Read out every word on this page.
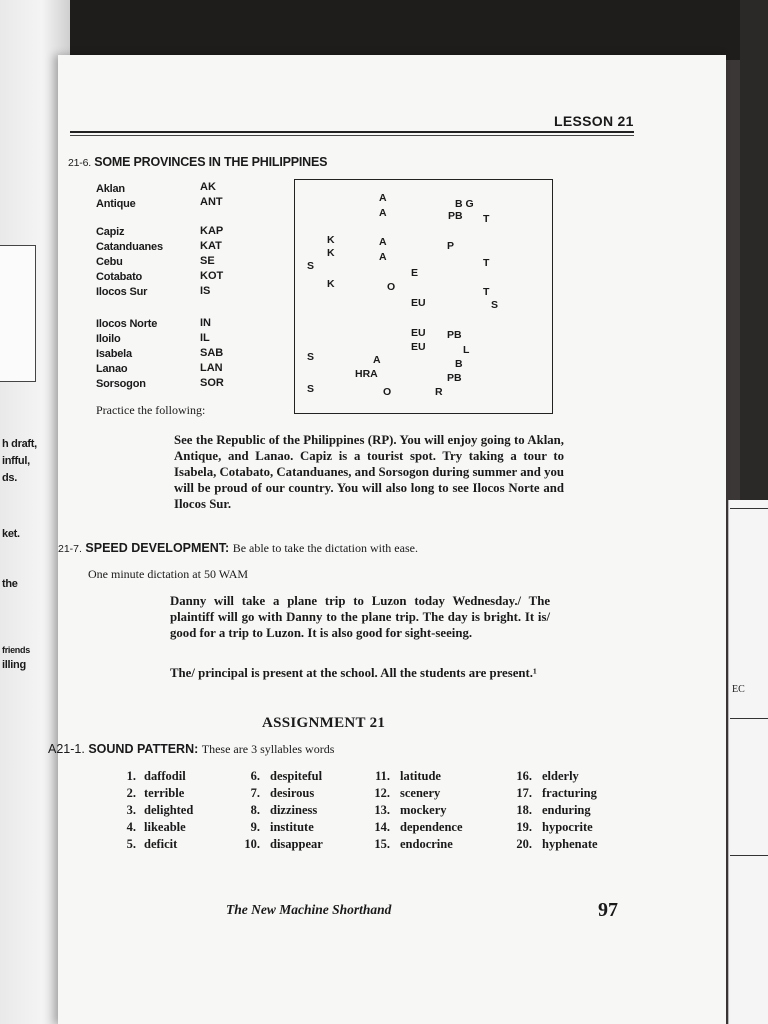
h draft,
infful,
ds.
ket.
the
friends
illing
EC
LESSON 21
21-6. SOME PROVINCES IN THE PHILIPPINES
Aklan	AK
Antique	ANT
Capiz	KAP
Catanduanes	KAT
Cebu	SE
Cotabato	KOT
Ilocos Sur	IS
Ilocos Norte	IN
Iloilo	IL
Isabela	SAB
Lanao	LAN
Sorsogon	SOR
A
A
B G
PB T
K
K
A
A
P
S
E
T
K	O	T
EU	S
EU PB
EU	L
S	A	B
HRA	PB
S	O	R
Practice the following:

See the Republic of the Philippines (RP). You will enjoy going to Aklan, Antique, and Lanao. Capiz is a tourist spot. Try taking a tour to Isabela, Cotabato, Catanduanes, and Sorsogon during summer and you will be proud of our country. You will also long to see Ilocos Norte and Ilocos Sur.

21-7. SPEED DEVELOPMENT: Be able to take the dictation with ease.
One minute dictation at 50 WAM

Danny will take a plane trip to Luzon today Wednesday./ The plaintiff will go with Danny to the plane trip. The day is bright. It is/ good for a trip to Luzon. It is also good for sight-seeing.

The/ principal is present at the school. All the students are present.¹

ASSIGNMENT 21
A21-1. SOUND PATTERN: These are 3 syllables words
1. daffodil
2. terrible
3. delighted
4. likeable
5. deficit
6. despiteful
7. desirous
8. dizziness
9. institute
10. disappear
11. latitude
12. scenery
13. mockery
14. dependence
15. endocrine
16. elderly
17. fracturing
18. enduring
19. hypocrite
20. hyphenate
The New Machine Shorthand	97
